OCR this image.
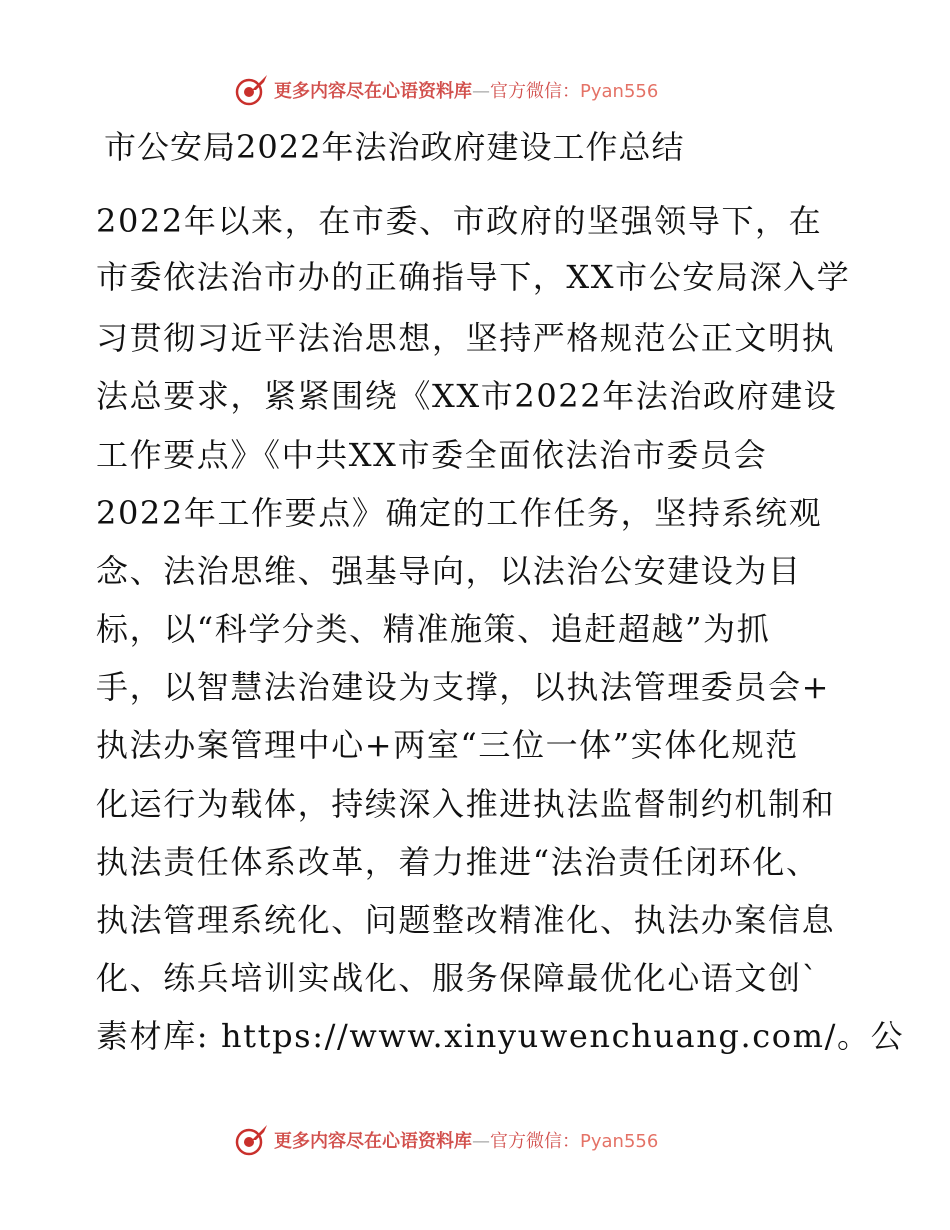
更多内容尽在心语资料库—官方微信：Pyan556
市公安局2022年法治政府建设工作总结
2022年以来，在市委、市政府的坚强领导下，在
市委依法治市办的正确指导下，XX市公安局深入学
习贯彻习近平法治思想，坚持严格规范公正文明执
法总要求，紧紧围绕《XX市2022年法治政府建设
工作要点》《中共XX市委全面依法治市委员会
2022年工作要点》确定的工作任务，坚持系统观
念、法治思维、强基导向，以法治公安建设为目
标，以“科学分类、精准施策、追赶超越”为抓
手，以智慧法治建设为支撑，以执法管理委员会+
执法办案管理中心+两室“三位一体”实体化规范
化运行为载体，持续深入推进执法监督制约机制和
执法责任体系改革，着力推进“法治责任闭环化、
执法管理系统化、问题整改精准化、执法办案信息
化、练兵培训实战化、服务保障最优化心语文创`
素材库: https://www.xinyuwenchuang.com/。公
更多内容尽在心语资料库—官方微信：Pyan556
